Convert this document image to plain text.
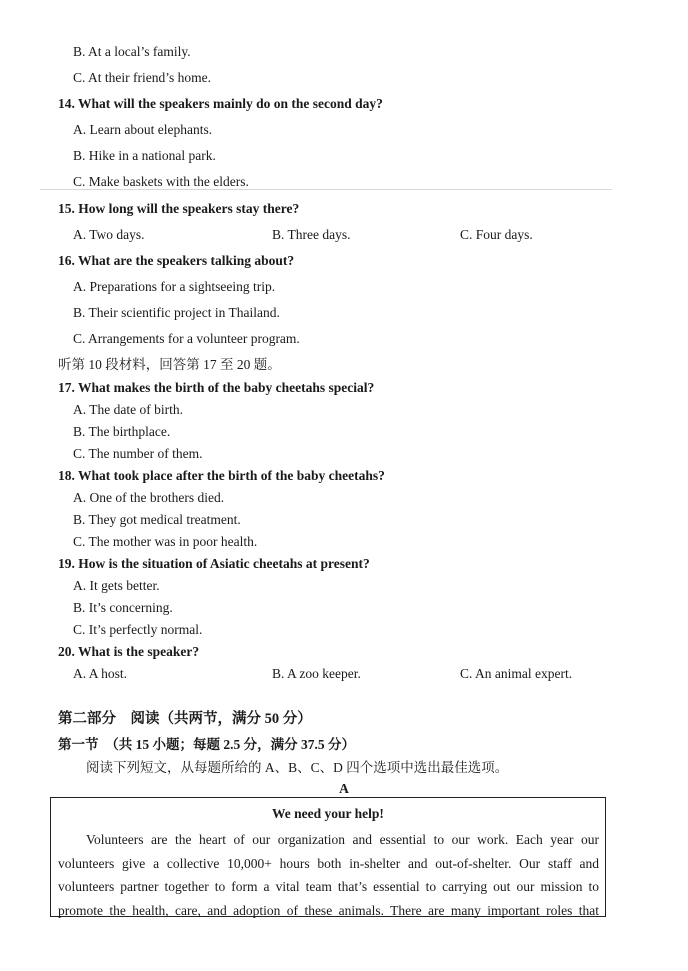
B. At a local’s family.
C. At their friend’s home.
14. What will the speakers mainly do on the second day?
A. Learn about elephants.
B. Hike in a national park.
C. Make baskets with the elders.
15. How long will the speakers stay there?
A. Two days.	B. Three days.	C. Four days.
16. What are the speakers talking about?
A. Preparations for a sightseeing trip.
B. Their scientific project in Thailand.
C. Arrangements for a volunteer program.
听第 10 段材料，回答第 17 至 20 题。
17. What makes the birth of the baby cheetahs special?
A. The date of birth.
B. The birthplace.
C. The number of them.
18. What took place after the birth of the baby cheetahs?
A. One of the brothers died.
B. They got medical treatment.
C. The mother was in poor health.
19. How is the situation of Asiatic cheetahs at present?
A. It gets better.
B. It’s concerning.
C. It’s perfectly normal.
20. What is the speaker?
A. A host.	B. A zoo keeper.	C. An animal expert.
第二部分　阅读（共两节，满分 50 分）
第一节　（共 15 小题；每题 2.5 分，满分 37.5 分）
阅读下列短文，从每题所给的 A、B、C、D 四个选项中选出最佳选项。
A
We need your help!
Volunteers are the heart of our organization and essential to our work. Each year our
volunteers give a collective 10,000+ hours both in-shelter and out-of-shelter. Our staff and
volunteers partner together to form a vital team that’s essential to carrying out our mission to
promote the health, care, and adoption of these animals. There are many important roles that
